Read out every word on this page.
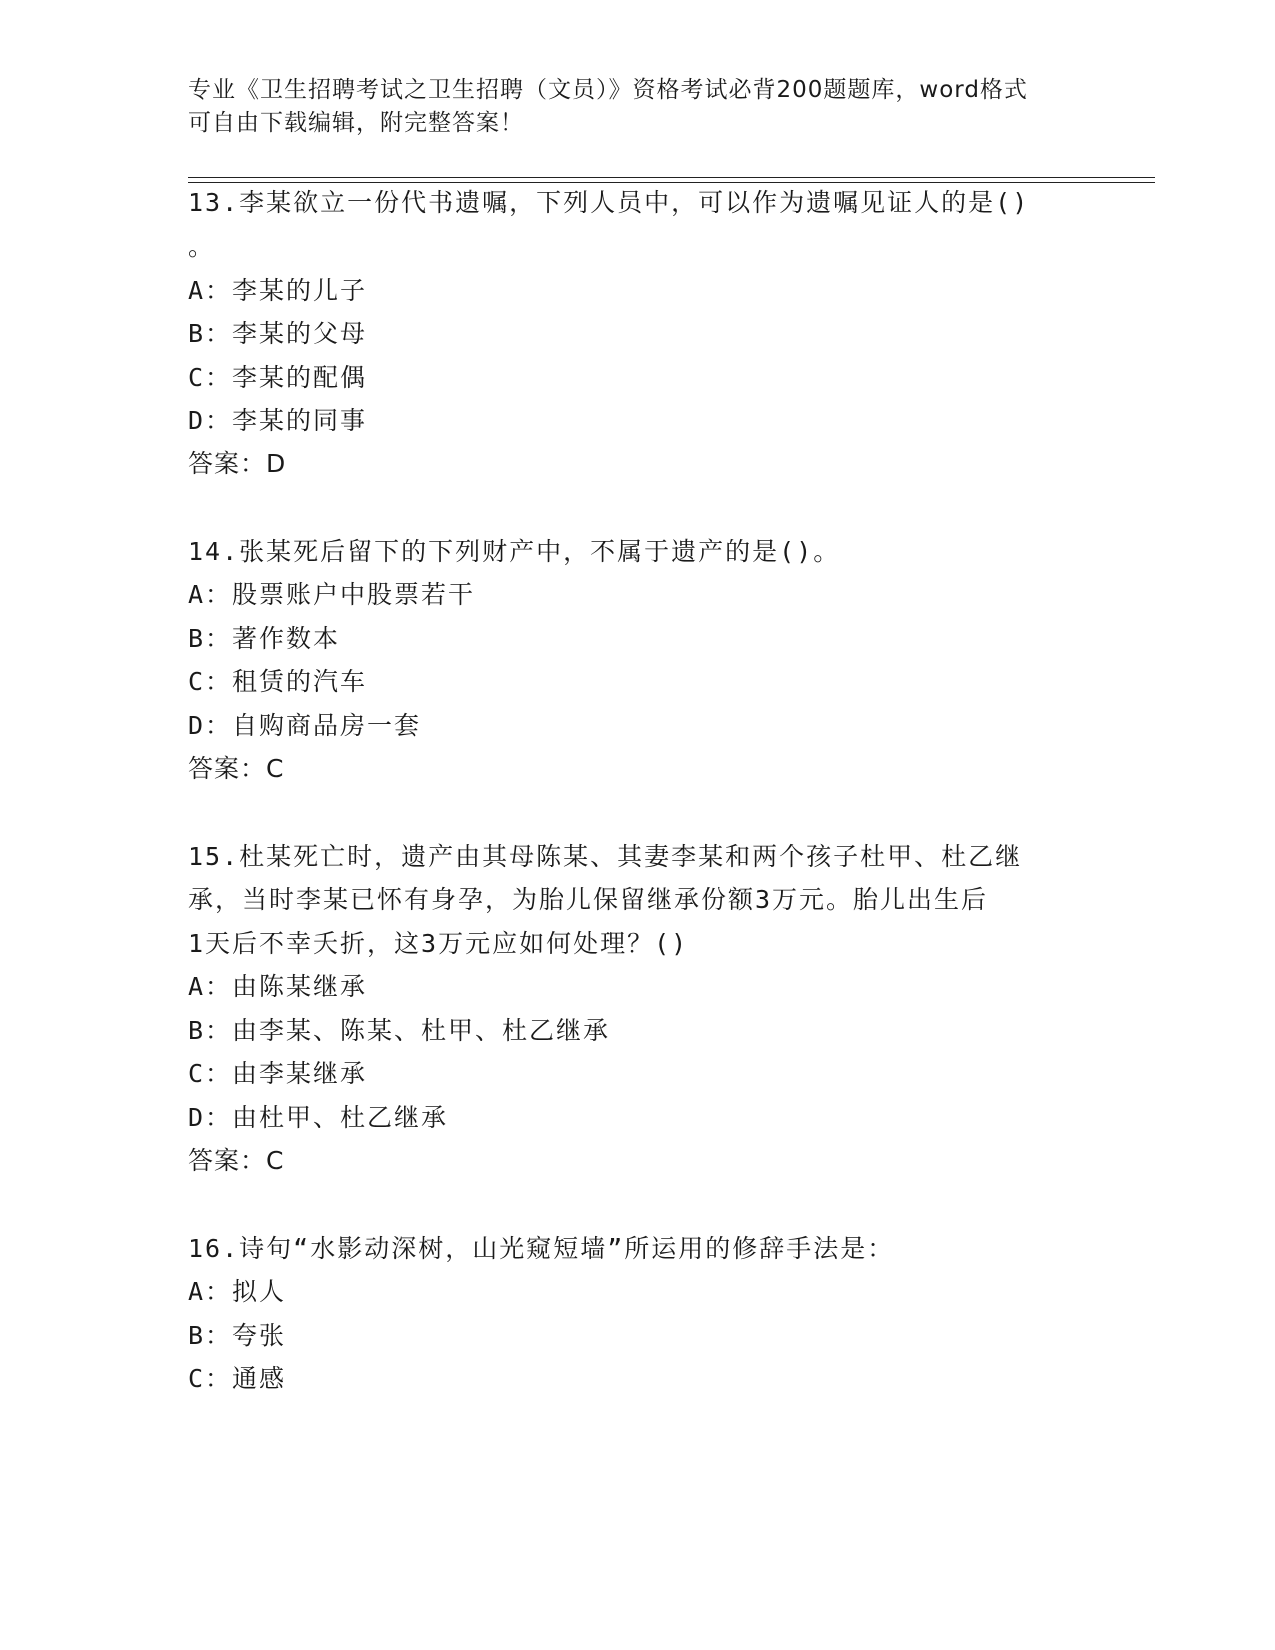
专业《卫生招聘考试之卫生招聘（文员）》资格考试必背200题题库，word格式
可自由下载编辑，附完整答案！
13.李某欲立一份代书遗嘱，下列人员中，可以作为遗嘱见证人的是()
。
A：李某的儿子
B：李某的父母
C：李某的配偶
D：李某的同事
答案：D
14.张某死后留下的下列财产中，不属于遗产的是()。
A：股票账户中股票若干
B：著作数本
C：租赁的汽车
D：自购商品房一套
答案：C
15.杜某死亡时，遗产由其母陈某、其妻李某和两个孩子杜甲、杜乙继
承，当时李某已怀有身孕，为胎儿保留继承份额3万元。胎儿出生后
1天后不幸夭折，这3万元应如何处理？()
A：由陈某继承
B：由李某、陈某、杜甲、杜乙继承
C：由李某继承
D：由杜甲、杜乙继承
答案：C
16.诗句“水影动深树，山光窥短墙”所运用的修辞手法是：
A：拟人
B：夸张
C：通感
